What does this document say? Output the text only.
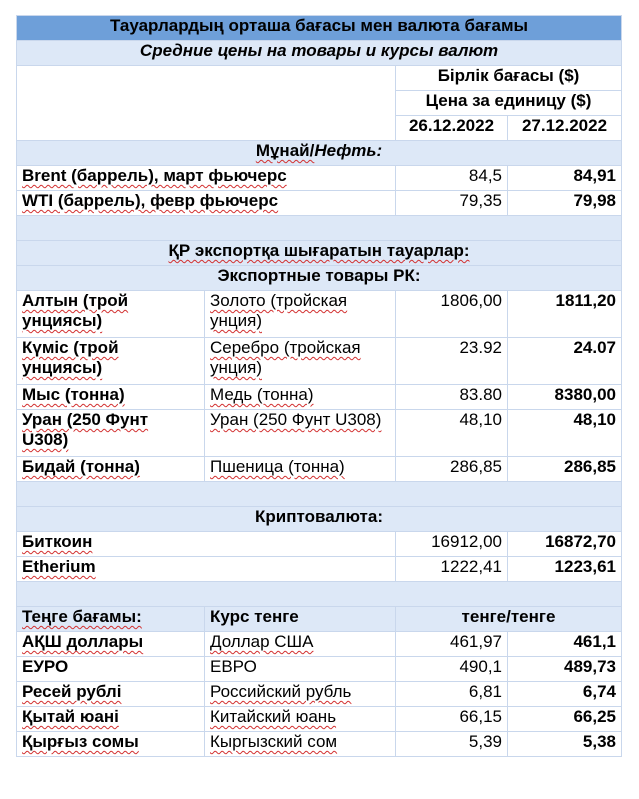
Тауарлардың орташа бағасы мен валюта бағамы			
Средние цены на товары и курсы валют			
		Бірлік бағасы ($)	
		Цена за единицу ($)	
		26.12.2022	27.12.2022
Мұнай/Нефть:			
Brent (баррель), март фьючерс		84,5	84,91
WTI (баррель), февр фьючерс		79,35	79,98

ҚР экспортқа шығаратын тауарлар:			
Экспортные товары РК:			
Алтын (трой унциясы)	Золото (тройская унция)	1806,00	1811,20
Күміс (трой унциясы)	Серебро (тройская унция)	23.92	24.07
Мыс (тонна)	Медь (тонна)	83.80	8380,00
Уран (250 Фунт U308)	Уран (250 Фунт U308)	48,10	48,10
Бидай (тонна)	Пшеница (тонна)	286,85	286,85

Криптовалюта:			
Биткоин		16912,00	16872,70
Etherium		1222,41	1223,61

Теңге бағамы:	Курс тенге	тенге/тенге	
АҚШ доллары	Доллар США	461,97	461,1
ЕУРО	ЕВРО	490,1	489,73
Ресей рублі	Российский рубль	6,81	6,74
Қытай юані	Китайский юань	66,15	66,25
Қырғыз сомы	Кыргызский сом	5,39	5,38
